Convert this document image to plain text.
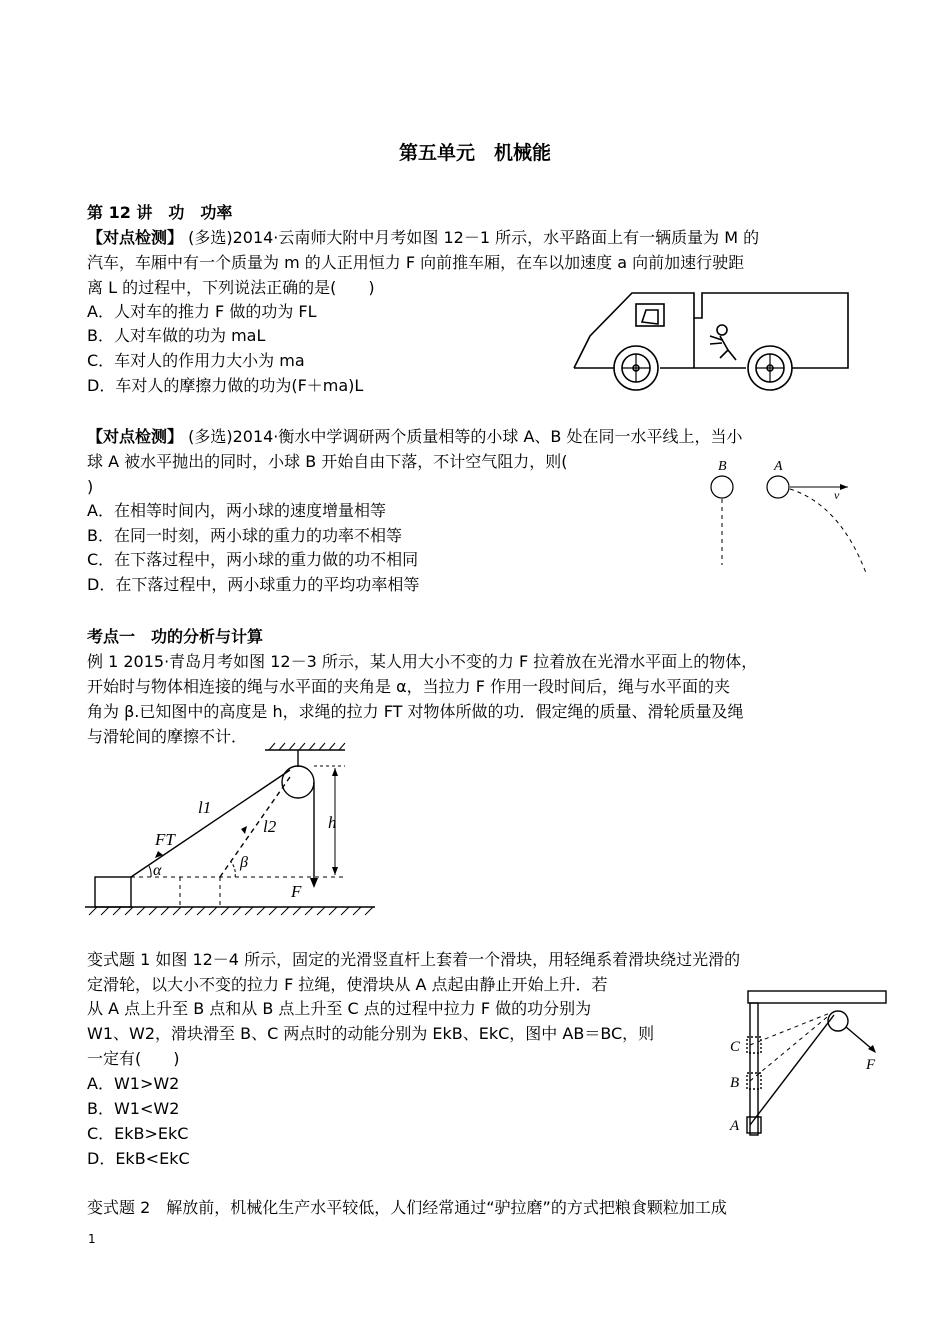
第五单元　机械能
第 12 讲　功　功率
【对点检测】 (多选)2014·云南师大附中月考如图 12－1 所示，水平路面上有一辆质量为 M 的
汽车，车厢中有一个质量为 m 的人正用恒力 F 向前推车厢，在车以加速度 a 向前加速行驶距
离 L 的过程中，下列说法正确的是(　　)
A．人对车的推力 F 做的功为 FL
B．人对车做的功为 maL
C．车对人的作用力大小为 ma
D．车对人的摩擦力做的功为(F＋ma)L
【对点检测】 (多选)2014·衡水中学调研两个质量相等的小球 A、B 处在同一水平线上，当小
球 A 被水平抛出的同时，小球 B 开始自由下落，不计空气阻力，则(
)
A．在相等时间内，两小球的速度增量相等
B．在同一时刻，两小球的重力的功率不相等
C．在下落过程中，两小球的重力做的功不相同
D．在下落过程中，两小球重力的平均功率相等
B	A
v
考点一　功的分析与计算
例 1 2015·青岛月考如图 12－3 所示，某人用大小不变的力 F 拉着放在光滑水平面上的物体，
开始时与物体相连接的绳与水平面的夹角是 α，当拉力 F 作用一段时间后，绳与水平面的夹
角为 β.已知图中的高度是 h，求绳的拉力 FT 对物体所做的功．假定绳的质量、滑轮质量及绳
与滑轮间的摩擦不计．
l1
l2	h
FT
α	β
F
变式题 1 如图 12－4 所示，固定的光滑竖直杆上套着一个滑块，用轻绳系着滑块绕过光滑的
定滑轮，以大小不变的拉力 F 拉绳，使滑块从 A 点起由静止开始上升．若
从 A 点上升至 B 点和从 B 点上升至 C 点的过程中拉力 F 做的功分别为
W1、W2，滑块滑至 B、C 两点时的动能分别为 EkB、EkC，图中 AB＝BC，则
一定有(　　)
A．W1>W2
B．W1<W2
C．EkB>EkC
D．EkB<EkC
C
B
A
F
变式题 2　解放前，机械化生产水平较低，人们经常通过“驴拉磨”的方式把粮食颗粒加工成
1
